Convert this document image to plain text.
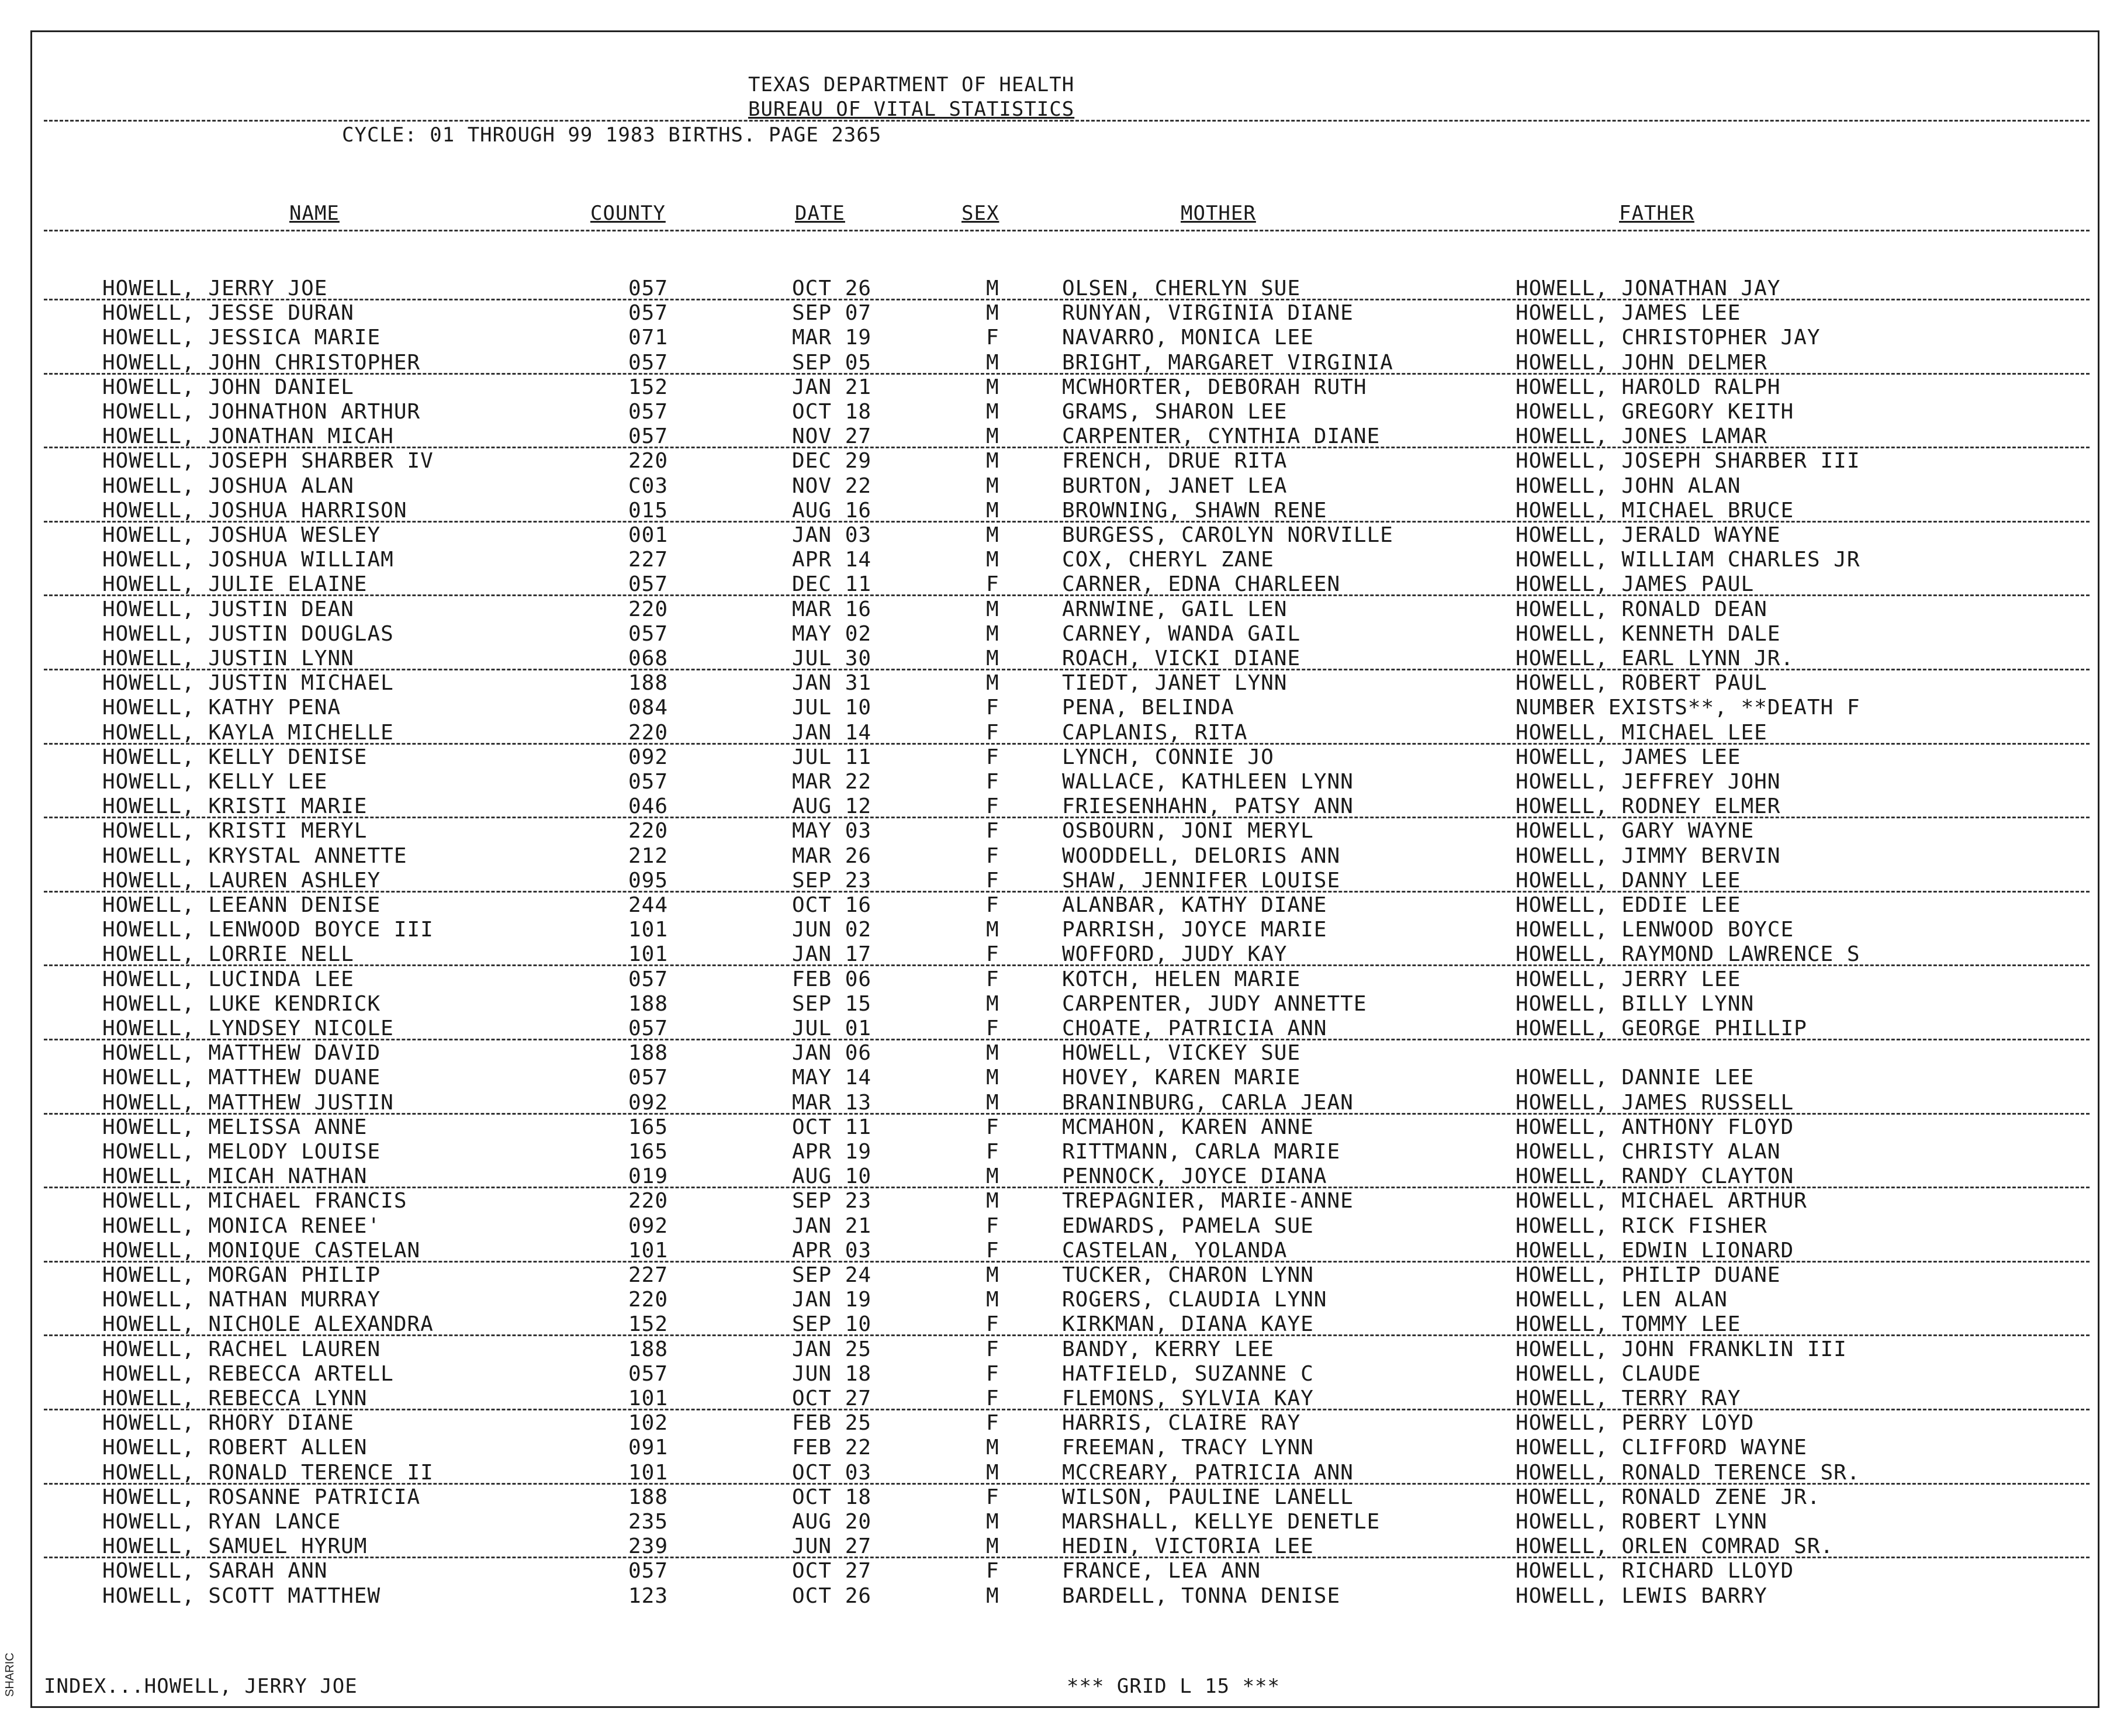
SHARIC
TEXAS DEPARTMENT OF HEALTH
BUREAU OF VITAL STATISTICS
CYCLE: 01 THROUGH 99 1983 BIRTHS. PAGE 2365
NAME	COUNTY	DATE	SEX	MOTHER	FATHER
HOWELL, JERRY JOE	057	OCT 26	M	OLSEN, CHERLYN SUE	HOWELL, JONATHAN JAY
HOWELL, JESSE DURAN	057	SEP 07	M	RUNYAN, VIRGINIA DIANE	HOWELL, JAMES LEE
HOWELL, JESSICA MARIE	071	MAR 19	F	NAVARRO, MONICA LEE	HOWELL, CHRISTOPHER JAY
HOWELL, JOHN CHRISTOPHER	057	SEP 05	M	BRIGHT, MARGARET VIRGINIA	HOWELL, JOHN DELMER
HOWELL, JOHN DANIEL	152	JAN 21	M	MCWHORTER, DEBORAH RUTH	HOWELL, HAROLD RALPH
HOWELL, JOHNATHON ARTHUR	057	OCT 18	M	GRAMS, SHARON LEE	HOWELL, GREGORY KEITH
HOWELL, JONATHAN MICAH	057	NOV 27	M	CARPENTER, CYNTHIA DIANE	HOWELL, JONES LAMAR
HOWELL, JOSEPH SHARBER IV	220	DEC 29	M	FRENCH, DRUE RITA	HOWELL, JOSEPH SHARBER III
HOWELL, JOSHUA ALAN	C03	NOV 22	M	BURTON, JANET LEA	HOWELL, JOHN ALAN
HOWELL, JOSHUA HARRISON	015	AUG 16	M	BROWNING, SHAWN RENE	HOWELL, MICHAEL BRUCE
HOWELL, JOSHUA WESLEY	001	JAN 03	M	BURGESS, CAROLYN NORVILLE	HOWELL, JERALD WAYNE
HOWELL, JOSHUA WILLIAM	227	APR 14	M	COX, CHERYL ZANE	HOWELL, WILLIAM CHARLES JR
HOWELL, JULIE ELAINE	057	DEC 11	F	CARNER, EDNA CHARLEEN	HOWELL, JAMES PAUL
HOWELL, JUSTIN DEAN	220	MAR 16	M	ARNWINE, GAIL LEN	HOWELL, RONALD DEAN
HOWELL, JUSTIN DOUGLAS	057	MAY 02	M	CARNEY, WANDA GAIL	HOWELL, KENNETH DALE
HOWELL, JUSTIN LYNN	068	JUL 30	M	ROACH, VICKI DIANE	HOWELL, EARL LYNN JR.
HOWELL, JUSTIN MICHAEL	188	JAN 31	M	TIEDT, JANET LYNN	HOWELL, ROBERT PAUL
HOWELL, KATHY PENA	084	JUL 10	F	PENA, BELINDA	NUMBER EXISTS**, **DEATH F
HOWELL, KAYLA MICHELLE	220	JAN 14	F	CAPLANIS, RITA	HOWELL, MICHAEL LEE
HOWELL, KELLY DENISE	092	JUL 11	F	LYNCH, CONNIE JO	HOWELL, JAMES LEE
HOWELL, KELLY LEE	057	MAR 22	F	WALLACE, KATHLEEN LYNN	HOWELL, JEFFREY JOHN
HOWELL, KRISTI MARIE	046	AUG 12	F	FRIESENHAHN, PATSY ANN	HOWELL, RODNEY ELMER
HOWELL, KRISTI MERYL	220	MAY 03	F	OSBOURN, JONI MERYL	HOWELL, GARY WAYNE
HOWELL, KRYSTAL ANNETTE	212	MAR 26	F	WOODDELL, DELORIS ANN	HOWELL, JIMMY BERVIN
HOWELL, LAUREN ASHLEY	095	SEP 23	F	SHAW, JENNIFER LOUISE	HOWELL, DANNY LEE
HOWELL, LEEANN DENISE	244	OCT 16	F	ALANBAR, KATHY DIANE	HOWELL, EDDIE LEE
HOWELL, LENWOOD BOYCE III	101	JUN 02	M	PARRISH, JOYCE MARIE	HOWELL, LENWOOD BOYCE
HOWELL, LORRIE NELL	101	JAN 17	F	WOFFORD, JUDY KAY	HOWELL, RAYMOND LAWRENCE S
HOWELL, LUCINDA LEE	057	FEB 06	F	KOTCH, HELEN MARIE	HOWELL, JERRY LEE
HOWELL, LUKE KENDRICK	188	SEP 15	M	CARPENTER, JUDY ANNETTE	HOWELL, BILLY LYNN
HOWELL, LYNDSEY NICOLE	057	JUL 01	F	CHOATE, PATRICIA ANN	HOWELL, GEORGE PHILLIP
HOWELL, MATTHEW DAVID	188	JAN 06	M	HOWELL, VICKEY SUE
HOWELL, MATTHEW DUANE	057	MAY 14	M	HOVEY, KAREN MARIE	HOWELL, DANNIE LEE
HOWELL, MATTHEW JUSTIN	092	MAR 13	M	BRANINBURG, CARLA JEAN	HOWELL, JAMES RUSSELL
HOWELL, MELISSA ANNE	165	OCT 11	F	MCMAHON, KAREN ANNE	HOWELL, ANTHONY FLOYD
HOWELL, MELODY LOUISE	165	APR 19	F	RITTMANN, CARLA MARIE	HOWELL, CHRISTY ALAN
HOWELL, MICAH NATHAN	019	AUG 10	M	PENNOCK, JOYCE DIANA	HOWELL, RANDY CLAYTON
HOWELL, MICHAEL FRANCIS	220	SEP 23	M	TREPAGNIER, MARIE-ANNE	HOWELL, MICHAEL ARTHUR
HOWELL, MONICA RENEE'	092	JAN 21	F	EDWARDS, PAMELA SUE	HOWELL, RICK FISHER
HOWELL, MONIQUE CASTELAN	101	APR 03	F	CASTELAN, YOLANDA	HOWELL, EDWIN LIONARD
HOWELL, MORGAN PHILIP	227	SEP 24	M	TUCKER, CHARON LYNN	HOWELL, PHILIP DUANE
HOWELL, NATHAN MURRAY	220	JAN 19	M	ROGERS, CLAUDIA LYNN	HOWELL, LEN ALAN
HOWELL, NICHOLE ALEXANDRA	152	SEP 10	F	KIRKMAN, DIANA KAYE	HOWELL, TOMMY LEE
HOWELL, RACHEL LAUREN	188	JAN 25	F	BANDY, KERRY LEE	HOWELL, JOHN FRANKLIN III
HOWELL, REBECCA ARTELL	057	JUN 18	F	HATFIELD, SUZANNE C	HOWELL, CLAUDE
HOWELL, REBECCA LYNN	101	OCT 27	F	FLEMONS, SYLVIA KAY	HOWELL, TERRY RAY
HOWELL, RHORY DIANE	102	FEB 25	F	HARRIS, CLAIRE RAY	HOWELL, PERRY LOYD
HOWELL, ROBERT ALLEN	091	FEB 22	M	FREEMAN, TRACY LYNN	HOWELL, CLIFFORD WAYNE
HOWELL, RONALD TERENCE II	101	OCT 03	M	MCCREARY, PATRICIA ANN	HOWELL, RONALD TERENCE SR.
HOWELL, ROSANNE PATRICIA	188	OCT 18	F	WILSON, PAULINE LANELL	HOWELL, RONALD ZENE JR.
HOWELL, RYAN LANCE	235	AUG 20	M	MARSHALL, KELLYE DENETLE	HOWELL, ROBERT LYNN
HOWELL, SAMUEL HYRUM	239	JUN 27	M	HEDIN, VICTORIA LEE	HOWELL, ORLEN COMRAD SR.
HOWELL, SARAH ANN	057	OCT 27	F	FRANCE, LEA ANN	HOWELL, RICHARD LLOYD
HOWELL, SCOTT MATTHEW	123	OCT 26	M	BARDELL, TONNA DENISE	HOWELL, LEWIS BARRY
INDEX...HOWELL, JERRY JOE	*** GRID L 15 ***
